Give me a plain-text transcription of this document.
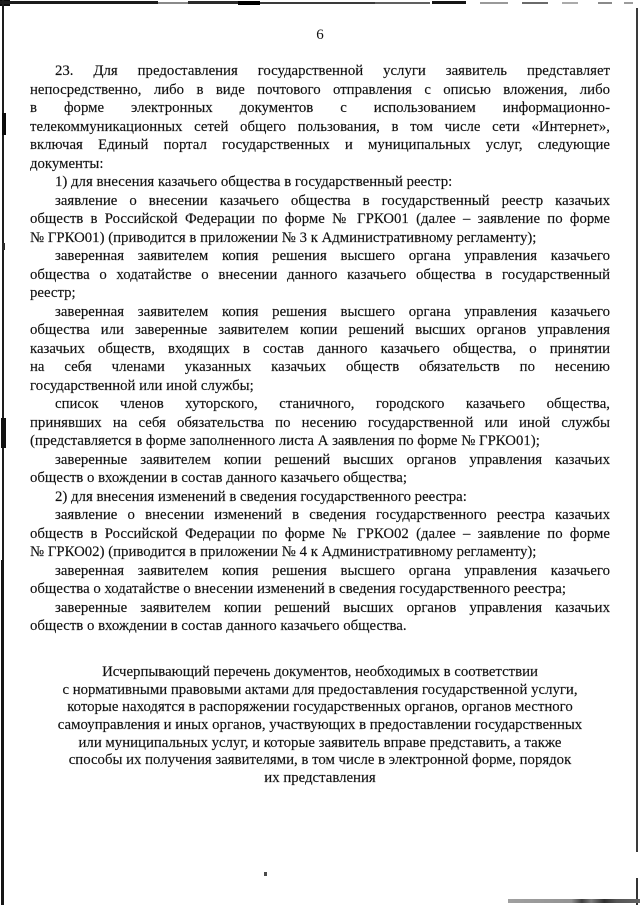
6
23. Для предоставления государственной услуги заявитель представляет
непосредственно, либо в виде почтового отправления с описью вложения, либо
в форме электронных документов с использованием информационно-
телекоммуникационных сетей общего пользования, в том числе сети «Интернет»,
включая Единый портал государственных и муниципальных услуг, следующие
документы:
1) для внесения казачьего общества в государственный реестр:
заявление о внесении казачьего общества в государственный реестр казачьих
обществ в Российской Федерации по форме № ГРКО01 (далее – заявление по форме
№ ГРКО01) (приводится в приложении № 3 к Административному регламенту);
заверенная заявителем копия решения высшего органа управления казачьего
общества о ходатайстве о внесении данного казачьего общества в государственный
реестр;
заверенная заявителем копия решения высшего органа управления казачьего
общества или заверенные заявителем копии решений высших органов управления
казачьих обществ, входящих в состав данного казачьего общества, о принятии
на себя членами указанных казачьих обществ обязательств по несению
государственной или иной службы;
список членов хуторского, станичного, городского казачьего общества,
принявших на себя обязательства по несению государственной или иной службы
(представляется в форме заполненного листа А заявления по форме № ГРКО01);
заверенные заявителем копии решений высших органов управления казачьих
обществ о вхождении в состав данного казачьего общества;
2) для внесения изменений в сведения государственного реестра:
заявление о внесении изменений в сведения государственного реестра казачьих
обществ в Российской Федерации по форме № ГРКО02 (далее – заявление по форме
№ ГРКО02) (приводится в приложении № 4 к Административному регламенту);
заверенная заявителем копия решения высшего органа управления казачьего
общества о ходатайстве о внесении изменений в сведения государственного реестра;
заверенные заявителем копии решений высших органов управления казачьих
обществ о вхождении в состав данного казачьего общества.
Исчерпывающий перечень документов, необходимых в соответствии
с нормативными правовыми актами для предоставления государственной услуги,
которые находятся в распоряжении государственных органов, органов местного
самоуправления и иных органов, участвующих в предоставлении государственных
или муниципальных услуг, и которые заявитель вправе представить, а также
способы их получения заявителями, в том числе в электронной форме, порядок
их представления
